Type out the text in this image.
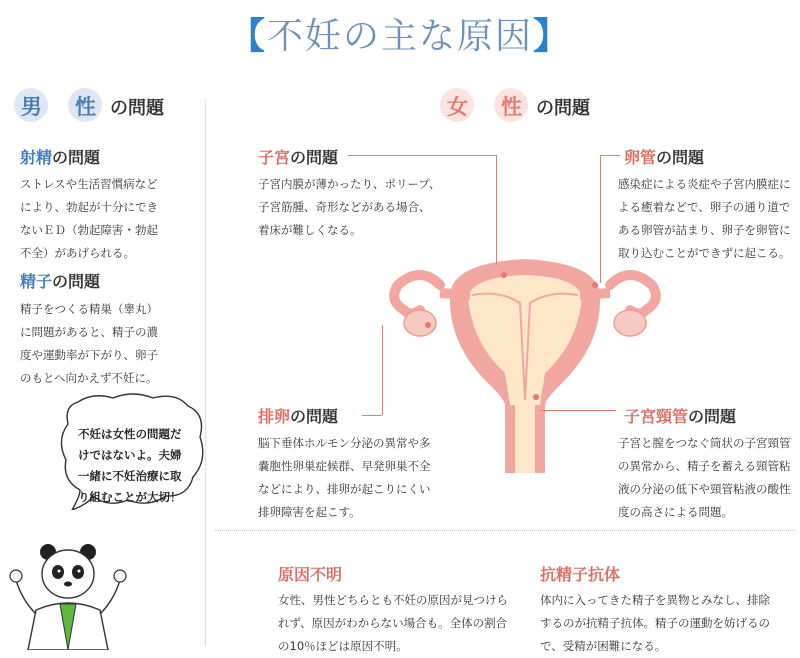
【不妊の主な原因】
男 性 の問題
射精の問題
ストレスや生活習慣病など
により、勃起が十分にでき
ないＥＤ（勃起障害・勃起
不全）があげられる。
精子の問題
精子をつくる精巣（睾丸）
に問題があると、精子の濃
度や運動率が下がり、卵子
のもとへ向かえず不妊に。
不妊は女性の問題だ
けではないよ。夫婦
一緒に不妊治療に取
り組むことが大切！
女 性 の問題
子宮の問題
子宮内膜が薄かったり、ポリープ、
子宮筋腫、奇形などがある場合、
着床が難しくなる。
卵管の問題
感染症による炎症や子宮内膜症に
よる癒着などで、卵子の通り道で
ある卵管が詰まり、卵子を卵管に
取り込むことができずに起こる。
排卵の問題
脳下垂体ホルモン分泌の異常や多
嚢胞性卵巣症候群、早発卵巣不全
などにより、排卵が起こりにくい
排卵障害を起こす。
子宮頸管の問題
子宮と膣をつなぐ筒状の子宮頸管
の異常から、精子を蓄える頸管粘
液の分泌の低下や頸管粘液の酸性
度の高さによる問題。
原因不明
女性、男性どちらとも不妊の原因が見つけら
れず、原因がわからない場合も。全体の割合
の10％ほどは原因不明。
抗精子抗体
体内に入ってきた精子を異物とみなし、排除
するのが抗精子抗体。精子の運動を妨げるの
で、受精が困難になる。
